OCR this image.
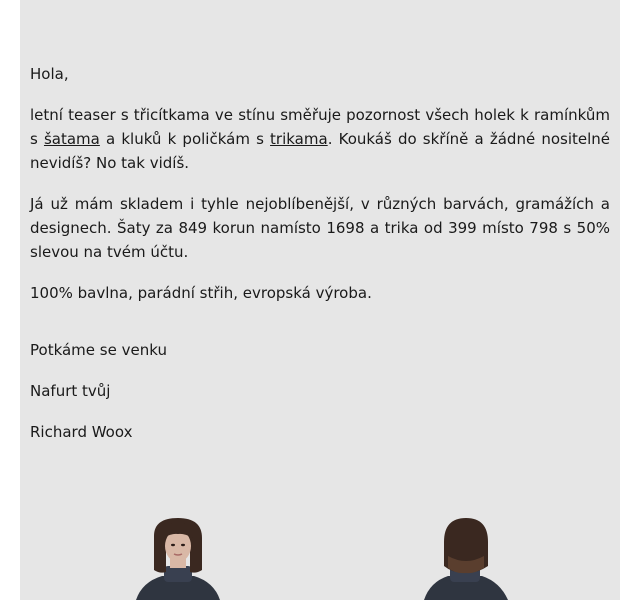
Hola,

letní teaser s třicítkama ve stínu směřuje pozornost všech holek k ramínkům s šatama a kluků k poličkám s trikama. Koukáš do skříně a žádné nositelné nevidíš? No tak vidíš.

Já už mám skladem i tyhle nejoblíbenější, v různých barvách, gramážích a designech. Šaty za 849 korun namísto 1698 a trika od 399 místo 798 s 50% slevou na tvém účtu.

100% bavlna, parádní střih, evropská výroba.

Potkáme se venku

Nafurt tvůj

Richard Woox
